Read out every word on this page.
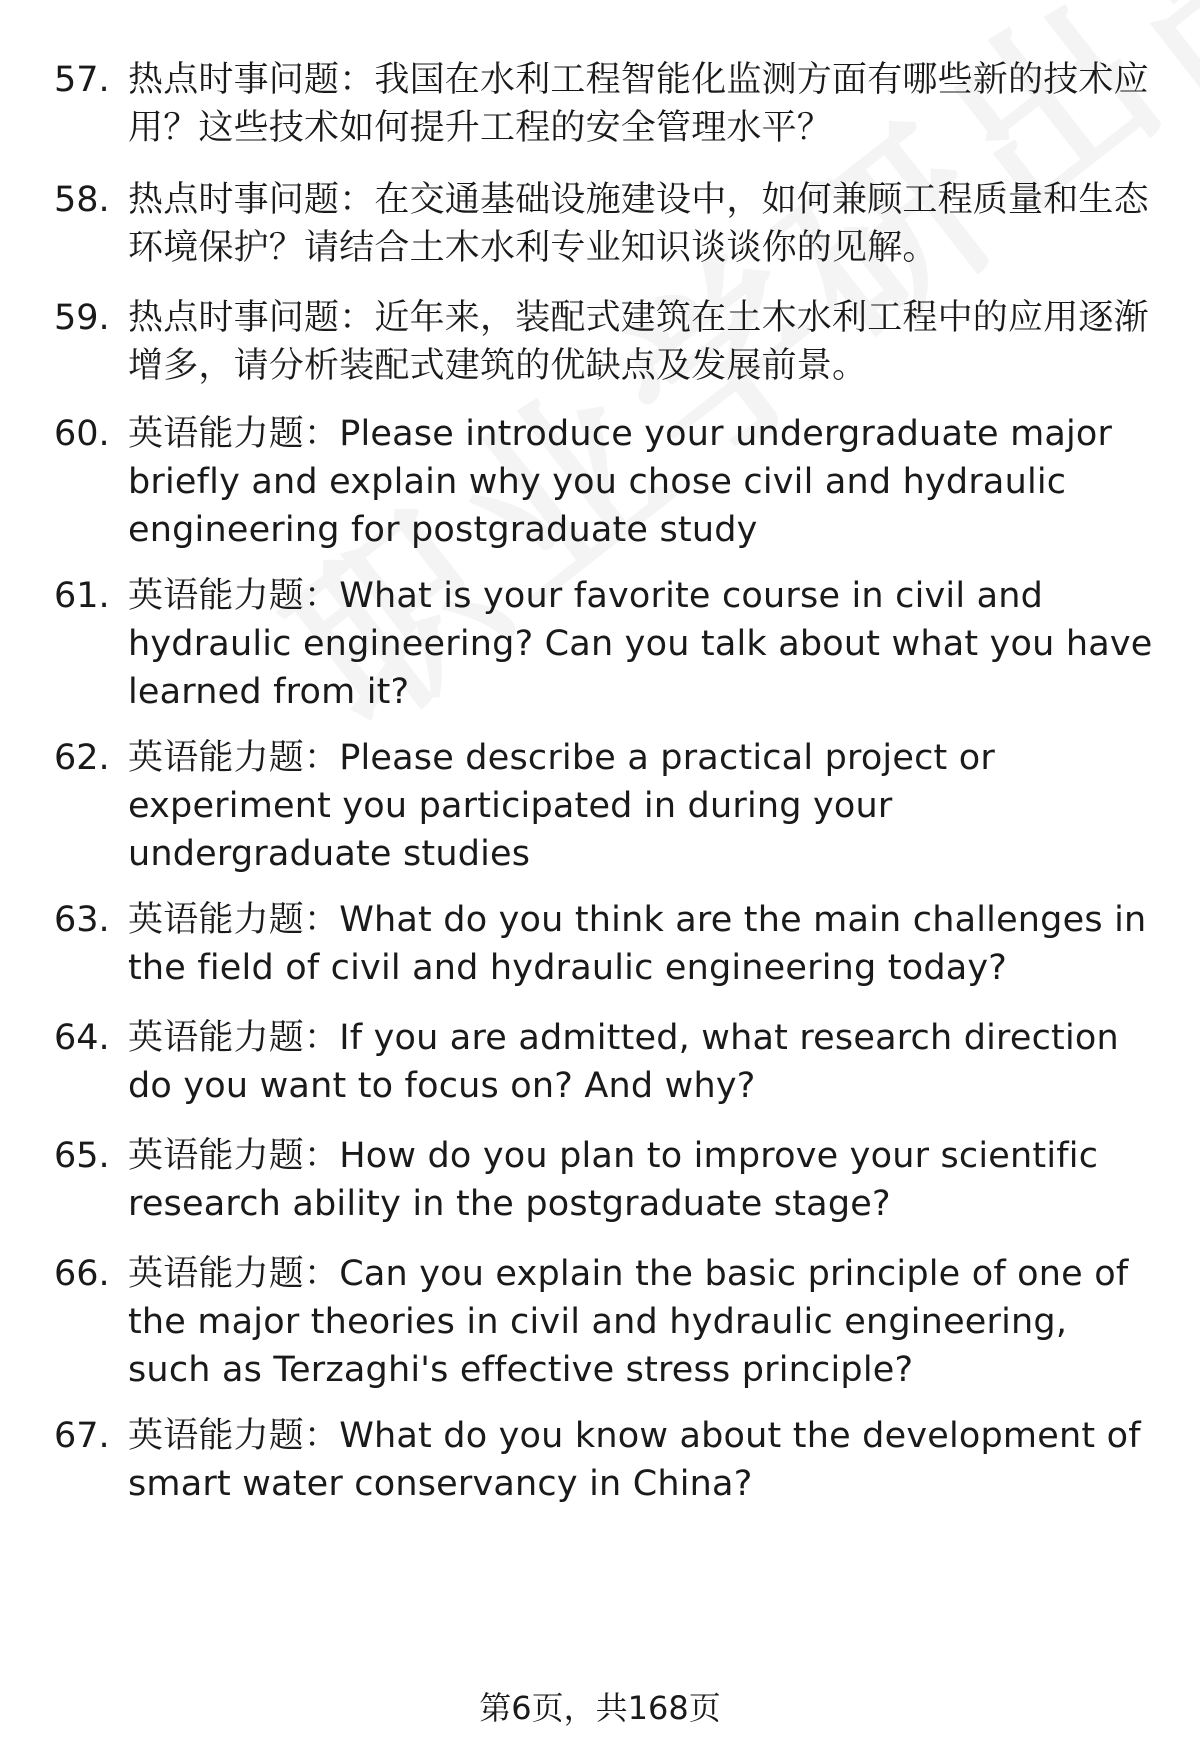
57. 热点时事问题：我国在水利工程智能化监测方面有哪些新的技术应用？这些技术如何提升工程的安全管理水平？
58. 热点时事问题：在交通基础设施建设中，如何兼顾工程质量和生态环境保护？请结合土木水利专业知识谈谈你的见解。
59. 热点时事问题：近年来，装配式建筑在土木水利工程中的应用逐渐增多，请分析装配式建筑的优缺点及发展前景。
60. 英语能力题：Please introduce your undergraduate major briefly and explain why you chose civil and hydraulic engineering for postgraduate study
61. 英语能力题：What is your favorite course in civil and hydraulic engineering? Can you talk about what you have learned from it?
62. 英语能力题：Please describe a practical project or experiment you participated in during your undergraduate studies
63. 英语能力题：What do you think are the main challenges in the field of civil and hydraulic engineering today?
64. 英语能力题：If you are admitted, what research direction do you want to focus on? And why?
65. 英语能力题：How do you plan to improve your scientific research ability in the postgraduate stage?
66. 英语能力题：Can you explain the basic principle of one of the major theories in civil and hydraulic engineering, such as Terzaghi's effective stress principle?
67. 英语能力题：What do you know about the development of smart water conservancy in China?
第6页，共168页
